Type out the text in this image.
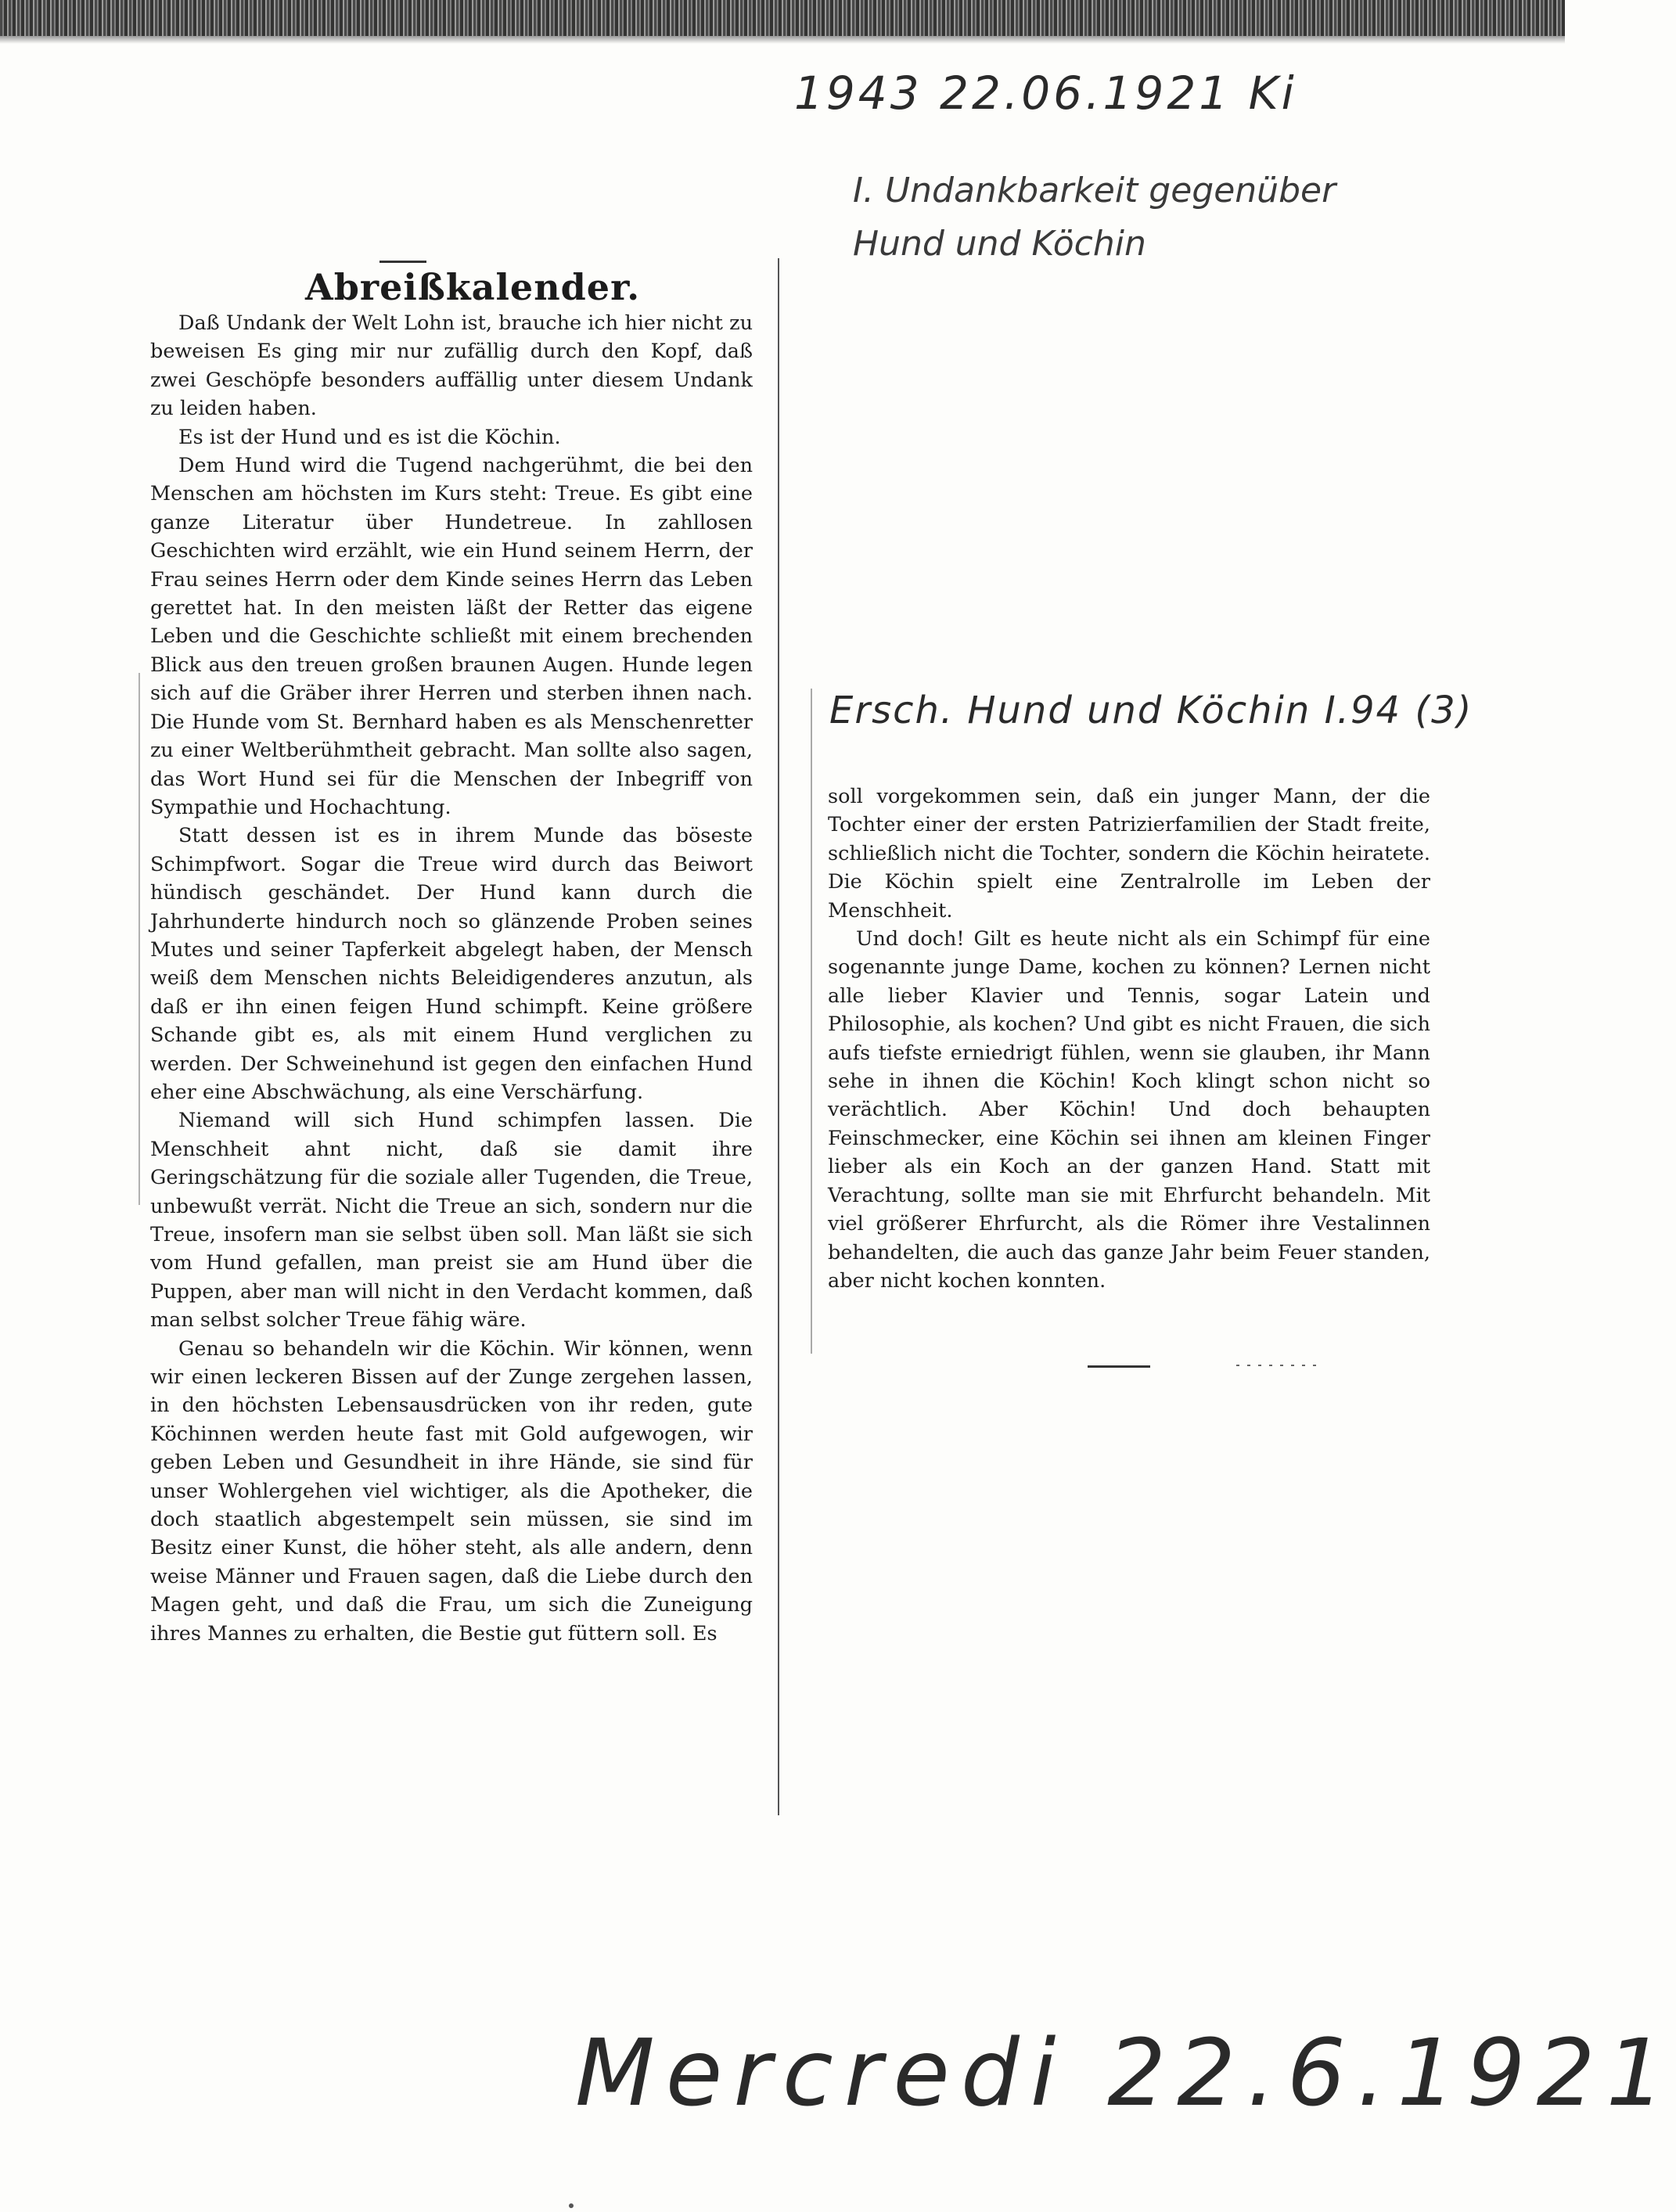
1943 22.06.1921 Ki
I. Undankbarkeit gegenüber Hund und Köchin
Ersch. Hund und Köchin I.94 (3)
Mercredi 22.6.1921
Abreißkalender.

Daß Undank der Welt Lohn ist, brauche ich hier nicht zu beweisen Es ging mir nur zufällig durch den Kopf, daß zwei Geschöpfe besonders auffällig unter diesem Undank zu leiden haben.

Es ist der Hund und es ist die Köchin.

Dem Hund wird die Tugend nachgerühmt, die bei den Menschen am höchsten im Kurs steht: Treue. Es gibt eine ganze Literatur über Hundetreue. In zahllosen Geschichten wird erzählt, wie ein Hund seinem Herrn, der Frau seines Herrn oder dem Kinde seines Herrn das Leben gerettet hat. In den meisten läßt der Retter das eigene Leben und die Geschichte schließt mit einem brechenden Blick aus den treuen großen braunen Augen. Hunde legen sich auf die Gräber ihrer Herren und sterben ihnen nach. Die Hunde vom St. Bernhard haben es als Menschenretter zu einer Weltberühmtheit gebracht. Man sollte also sagen, das Wort Hund sei für die Menschen der Inbegriff von Sympathie und Hochachtung.

Statt dessen ist es in ihrem Munde das böseste Schimpfwort. Sogar die Treue wird durch das Beiwort hündisch geschändet. Der Hund kann durch die Jahrhunderte hindurch noch so glänzende Proben seines Mutes und seiner Tapferkeit abgelegt haben, der Mensch weiß dem Menschen nichts Beleidigenderes anzutun, als daß er ihn einen feigen Hund schimpft. Keine größere Schande gibt es, als mit einem Hund verglichen zu werden. Der Schweinehund ist gegen den einfachen Hund eher eine Abschwächung, als eine Verschärfung.

Niemand will sich Hund schimpfen lassen. Die Menschheit ahnt nicht, daß sie damit ihre Geringschätzung für die soziale aller Tugenden, die Treue, unbewußt verrät. Nicht die Treue an sich, sondern nur die Treue, insofern man sie selbst üben soll. Man läßt sie sich vom Hund gefallen, man preist sie am Hund über die Puppen, aber man will nicht in den Verdacht kommen, daß man selbst solcher Treue fähig wäre.

Genau so behandeln wir die Köchin. Wir können, wenn wir einen leckeren Bissen auf der Zunge zergehen lassen, in den höchsten Lebensausdrücken von ihr reden, gute Köchinnen werden heute fast mit Gold aufgewogen, wir geben Leben und Gesundheit in ihre Hände, sie sind für unser Wohlergehen viel wichtiger, als die Apotheker, die doch staatlich abgestempelt sein müssen, sie sind im Besitz einer Kunst, die höher steht, als alle andern, denn weise Männer und Frauen sagen, daß die Liebe durch den Magen geht, und daß die Frau, um sich die Zuneigung ihres Mannes zu erhalten, die Bestie gut füttern soll. Es

soll vorgekommen sein, daß ein junger Mann, der die Tochter einer der ersten Patrizierfamilien der Stadt freite, schließlich nicht die Tochter, sondern die Köchin heiratete. Die Köchin spielt eine Zentralrolle im Leben der Menschheit.

Und doch! Gilt es heute nicht als ein Schimpf für eine sogenannte junge Dame, kochen zu können? Lernen nicht alle lieber Klavier und Tennis, sogar Latein und Philosophie, als kochen? Und gibt es nicht Frauen, die sich aufs tiefste erniedrigt fühlen, wenn sie glauben, ihr Mann sehe in ihnen die Köchin! Koch klingt schon nicht so verächtlich. Aber Köchin! Und doch behaupten Feinschmecker, eine Köchin sei ihnen am kleinen Finger lieber als ein Koch an der ganzen Hand. Statt mit Verachtung, sollte man sie mit Ehrfurcht behandeln. Mit viel größerer Ehrfurcht, als die Römer ihre Vestalinnen behandelten, die auch das ganze Jahr beim Feuer standen, aber nicht kochen konnten.
